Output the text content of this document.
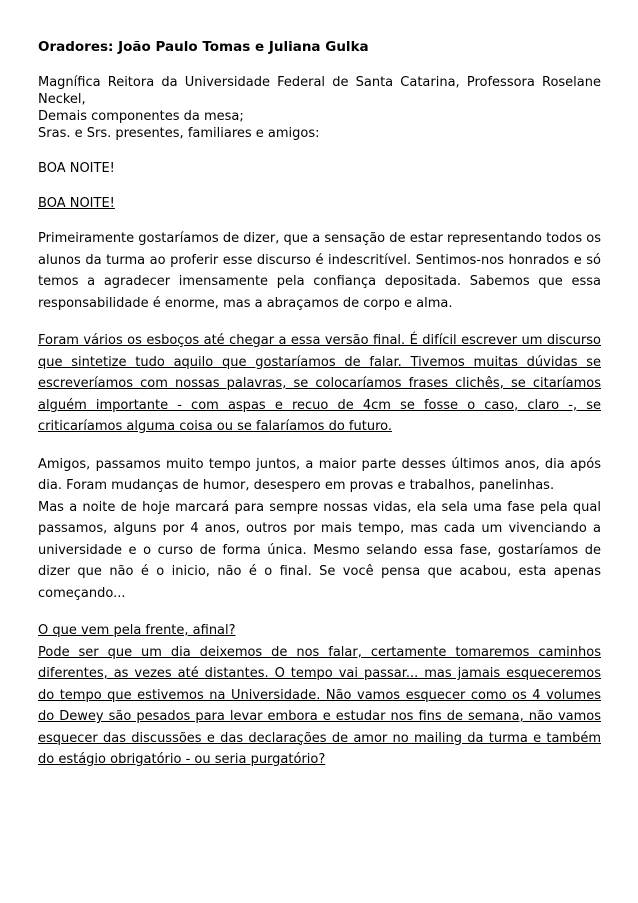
Oradores: João Paulo Tomas e Juliana Gulka

Magnífica Reitora da Universidade Federal de Santa Catarina, Professora Roselane Neckel,

Demais componentes da mesa;

Sras. e Srs. presentes, familiares e amigos:

BOA NOITE!
BOA NOITE!

Primeiramente gostaríamos de dizer, que a sensação de estar representando todos os alunos da turma ao proferir esse discurso é indescritível. Sentimos-nos honrados e só temos a agradecer imensamente pela confiança depositada. Sabemos que essa responsabilidade é enorme, mas a abraçamos de corpo e alma.

Foram vários os esboços até chegar a essa versão final. É difícil escrever um discurso que sintetize tudo aquilo que gostaríamos de falar. Tivemos muitas dúvidas se escreveríamos com nossas palavras, se colocaríamos frases clichês, se citaríamos alguém importante - com aspas e recuo de 4cm se fosse o caso, claro -, se criticaríamos alguma coisa ou se falaríamos do futuro.

Amigos, passamos muito tempo juntos, a maior parte desses últimos anos, dia após dia. Foram mudanças de humor, desespero em provas e trabalhos, panelinhas.

Mas a noite de hoje marcará para sempre nossas vidas, ela sela uma fase pela qual passamos, alguns por 4 anos, outros por mais tempo, mas cada um vivenciando a universidade e o curso de forma única. Mesmo selando essa fase, gostaríamos de dizer que não é o inicio, não é o final. Se você pensa que acabou, esta apenas começando...

O que vem pela frente, afinal?

Pode ser que um dia deixemos de nos falar, certamente tomaremos caminhos diferentes, as vezes até distantes. O tempo vai passar... mas jamais esqueceremos do tempo que estivemos na Universidade. Não vamos esquecer como os 4 volumes do Dewey são pesados para levar embora e estudar nos fins de semana, não vamos esquecer das discussões e das declarações de amor no mailing da turma e também do estágio obrigatório - ou seria purgatório?
